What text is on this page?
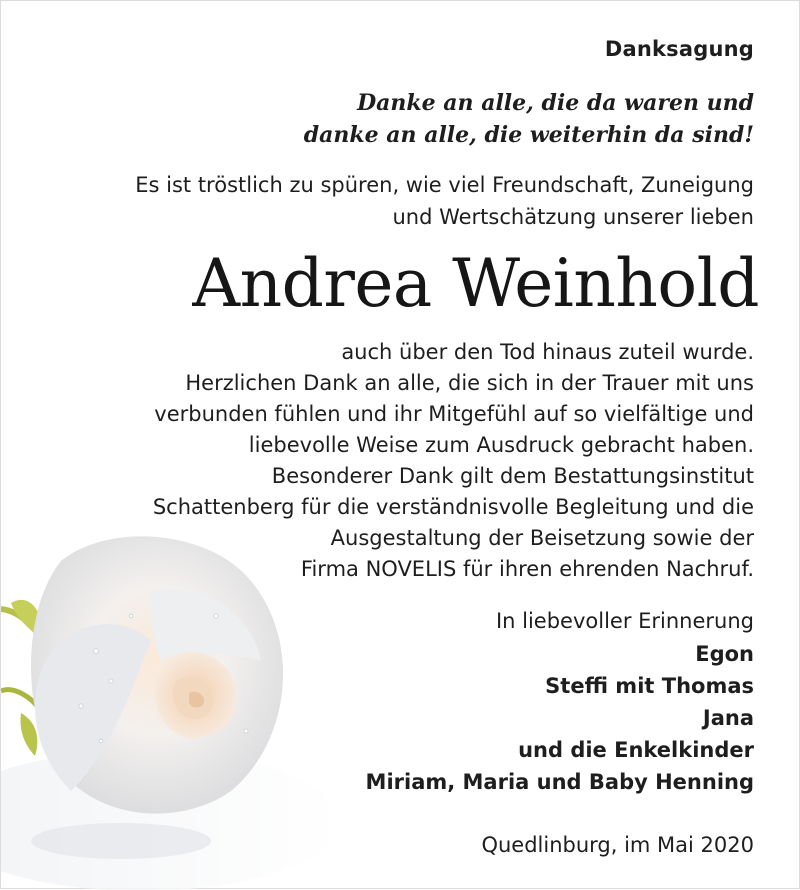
Danksagung
Danke an alle, die da waren und
danke an alle, die weiterhin da sind!
Es ist tröstlich zu spüren, wie viel Freundschaft, Zuneigung
und Wertschätzung unserer lieben
Andrea Weinhold
auch über den Tod hinaus zuteil wurde.
Herzlichen Dank an alle, die sich in der Trauer mit uns
verbunden fühlen und ihr Mitgefühl auf so vielfältige und
liebevolle Weise zum Ausdruck gebracht haben.
Besonderer Dank gilt dem Bestattungsinstitut
Schattenberg für die verständnisvolle Begleitung und die
Ausgestaltung der Beisetzung sowie der
Firma NOVELIS für ihren ehrenden Nachruf.
In liebevoller Erinnerung
Egon
Steffi mit Thomas
Jana
und die Enkelkinder
Miriam, Maria und Baby Henning
Quedlinburg, im Mai 2020
